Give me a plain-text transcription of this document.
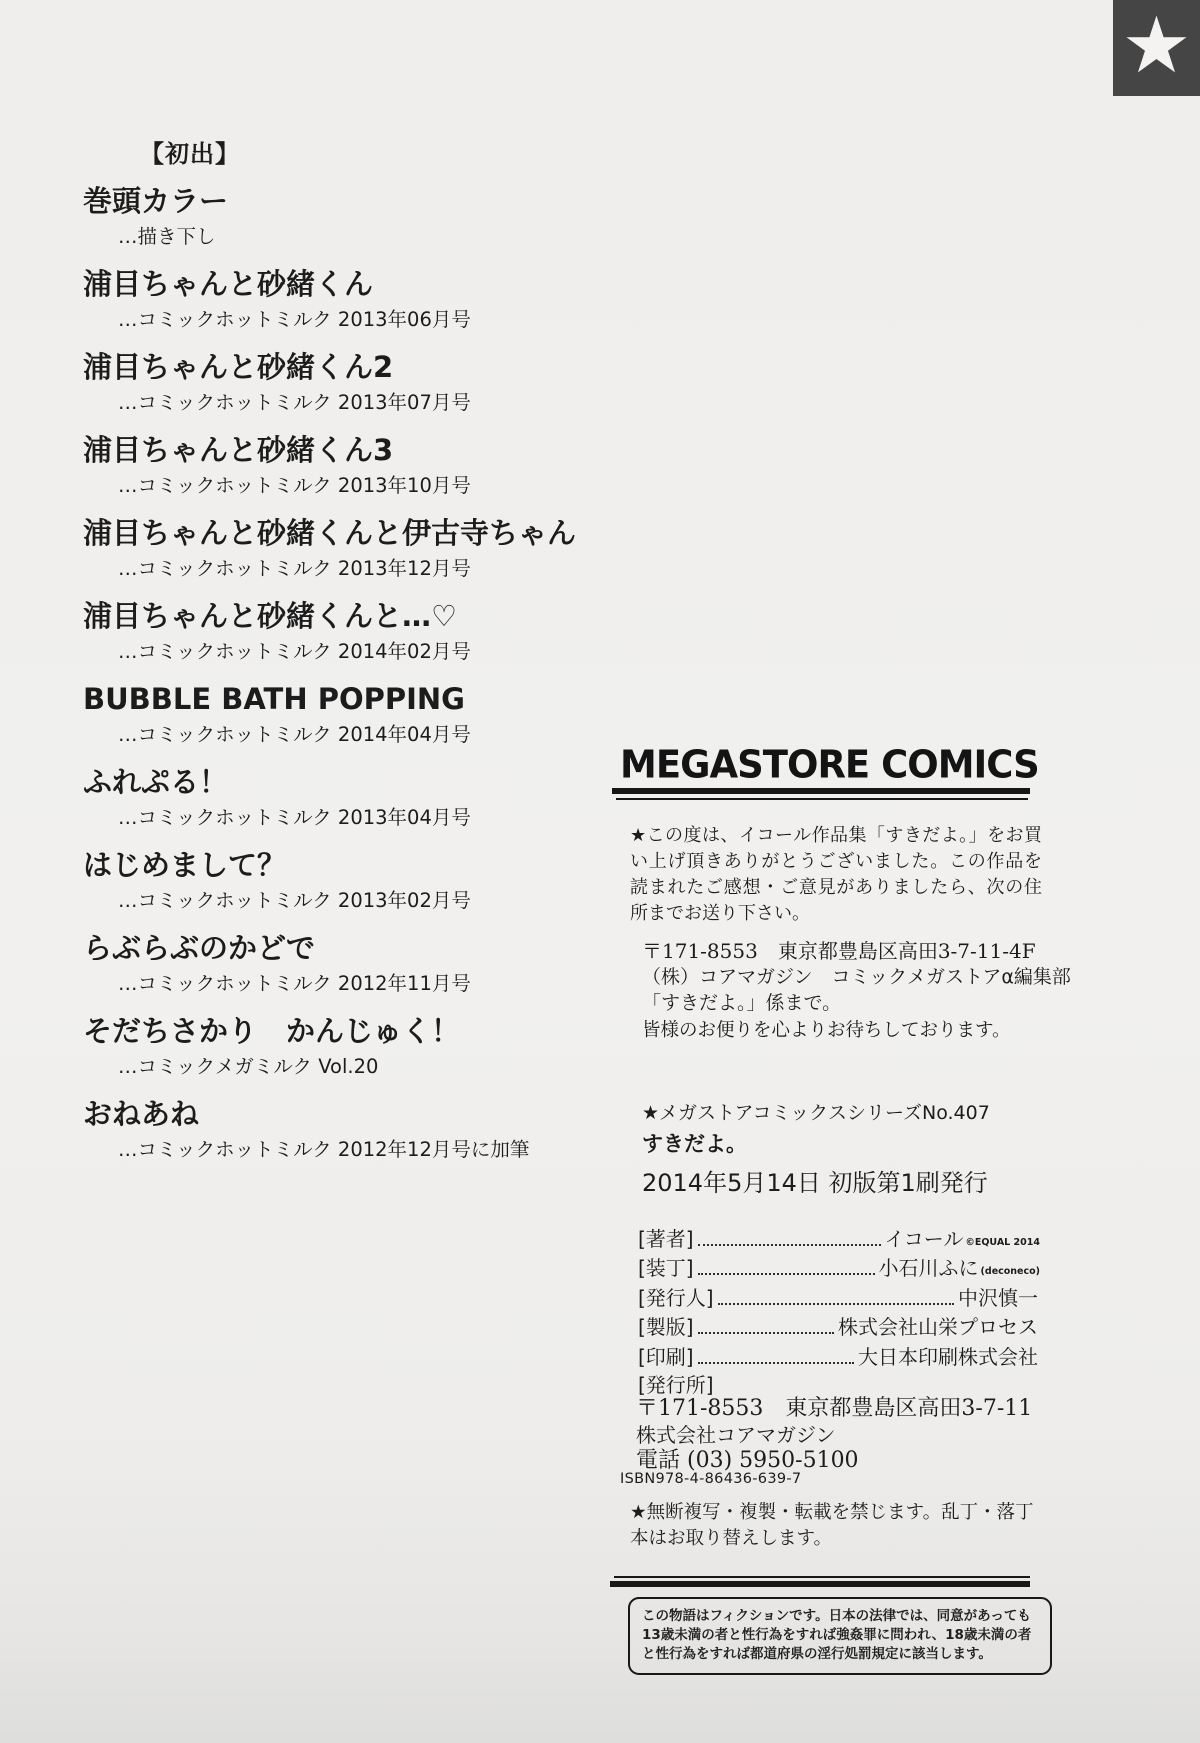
★
【初出】
巻頭カラー
…描き下し
浦目ちゃんと砂緒くん
…コミックホットミルク 2013年06月号
浦目ちゃんと砂緒くん2
…コミックホットミルク 2013年07月号
浦目ちゃんと砂緒くん3
…コミックホットミルク 2013年10月号
浦目ちゃんと砂緒くんと伊古寺ちゃん
…コミックホットミルク 2013年12月号
浦目ちゃんと砂緒くんと…♡
…コミックホットミルク 2014年02月号
BUBBLE BATH POPPING
…コミックホットミルク 2014年04月号
ふれぷる！
…コミックホットミルク 2013年04月号
はじめまして？
…コミックホットミルク 2013年02月号
らぶらぶのかどで
…コミックホットミルク 2012年11月号
そだちさかり　かんじゅく！
…コミックメガミルク Vol.20
おねあね
…コミックホットミルク 2012年12月号に加筆
MEGASTORE COMICS
★この度は、イコール作品集「すきだよ。」をお買い上げ頂きありがとうございました。この作品を読まれたご感想・ご意見がありましたら、次の住所までお送り下さい。
〒171-8553　東京都豊島区高田3-7-11-4F
（株）コアマガジン　コミックメガストアα編集部
「すきだよ。」係まで。
皆様のお便りを心よりお待ちしております。
★メガストアコミックスシリーズNo.407
すきだよ。
2014年5月14日 初版第1刷発行
[著者]	イコール ©EQUAL 2014
[装丁]	小石川ふに (deconeco)
[発行人]	中沢慎一
[製版]	株式会社山栄プロセス
[印刷]	大日本印刷株式会社
[発行所]
〒171-8553　東京都豊島区高田3-7-11
株式会社コアマガジン
電話 (03) 5950-5100
ISBN978-4-86436-639-7
★無断複写・複製・転載を禁じます。乱丁・落丁
本はお取り替えします。
この物語はフィクションです。日本の法律では、同意があっても
13歳未満の者と性行為をすれば強姦罪に問われ、18歳未満の者
と性行為をすれば都道府県の淫行処罰規定に該当します。
